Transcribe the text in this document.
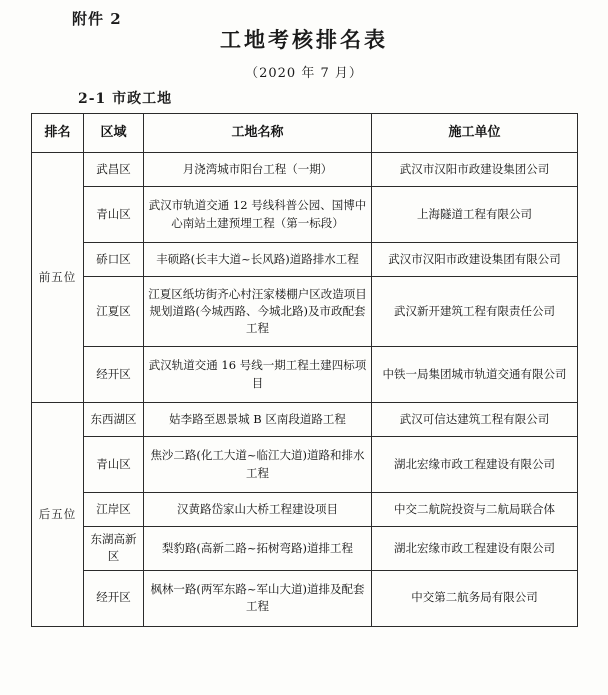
附件 2
工地考核排名表
（2020 年 7 月）
2-1 市政工地
排名	区域	工地名称	施工单位
前五位	武昌区	月浇湾城市阳台工程（一期）	武汉市汉阳市政建设集团公司
	青山区	武汉市轨道交通 12 号线科普公园、国博中心南站土建预埋工程（第一标段）	上海隧道工程有限公司
	硚口区	丰硕路(长丰大道~长风路)道路排水工程	武汉市汉阳市政建设集团有限公司
	江夏区	江夏区纸坊街齐心村汪家楼棚户区改造项目规划道路(今城西路、今城北路)及市政配套工程	武汉新开建筑工程有限责任公司
	经开区	武汉轨道交通 16 号线一期工程土建四标项目	中铁一局集团城市轨道交通有限公司
后五位	东西湖区	姑李路至恩景城 B 区南段道路工程	武汉可信达建筑工程有限公司
	青山区	焦沙二路(化工大道~临江大道)道路和排水工程	湖北宏缘市政工程建设有限公司
	江岸区	汉黄路岱家山大桥工程建设项目	中交二航院投资与二航局联合体
	东湖高新区	梨豹路(高新二路~拓树弯路)道排工程	湖北宏缘市政工程建设有限公司
	经开区	枫林一路(两军东路~军山大道)道排及配套工程	中交第二航务局有限公司
